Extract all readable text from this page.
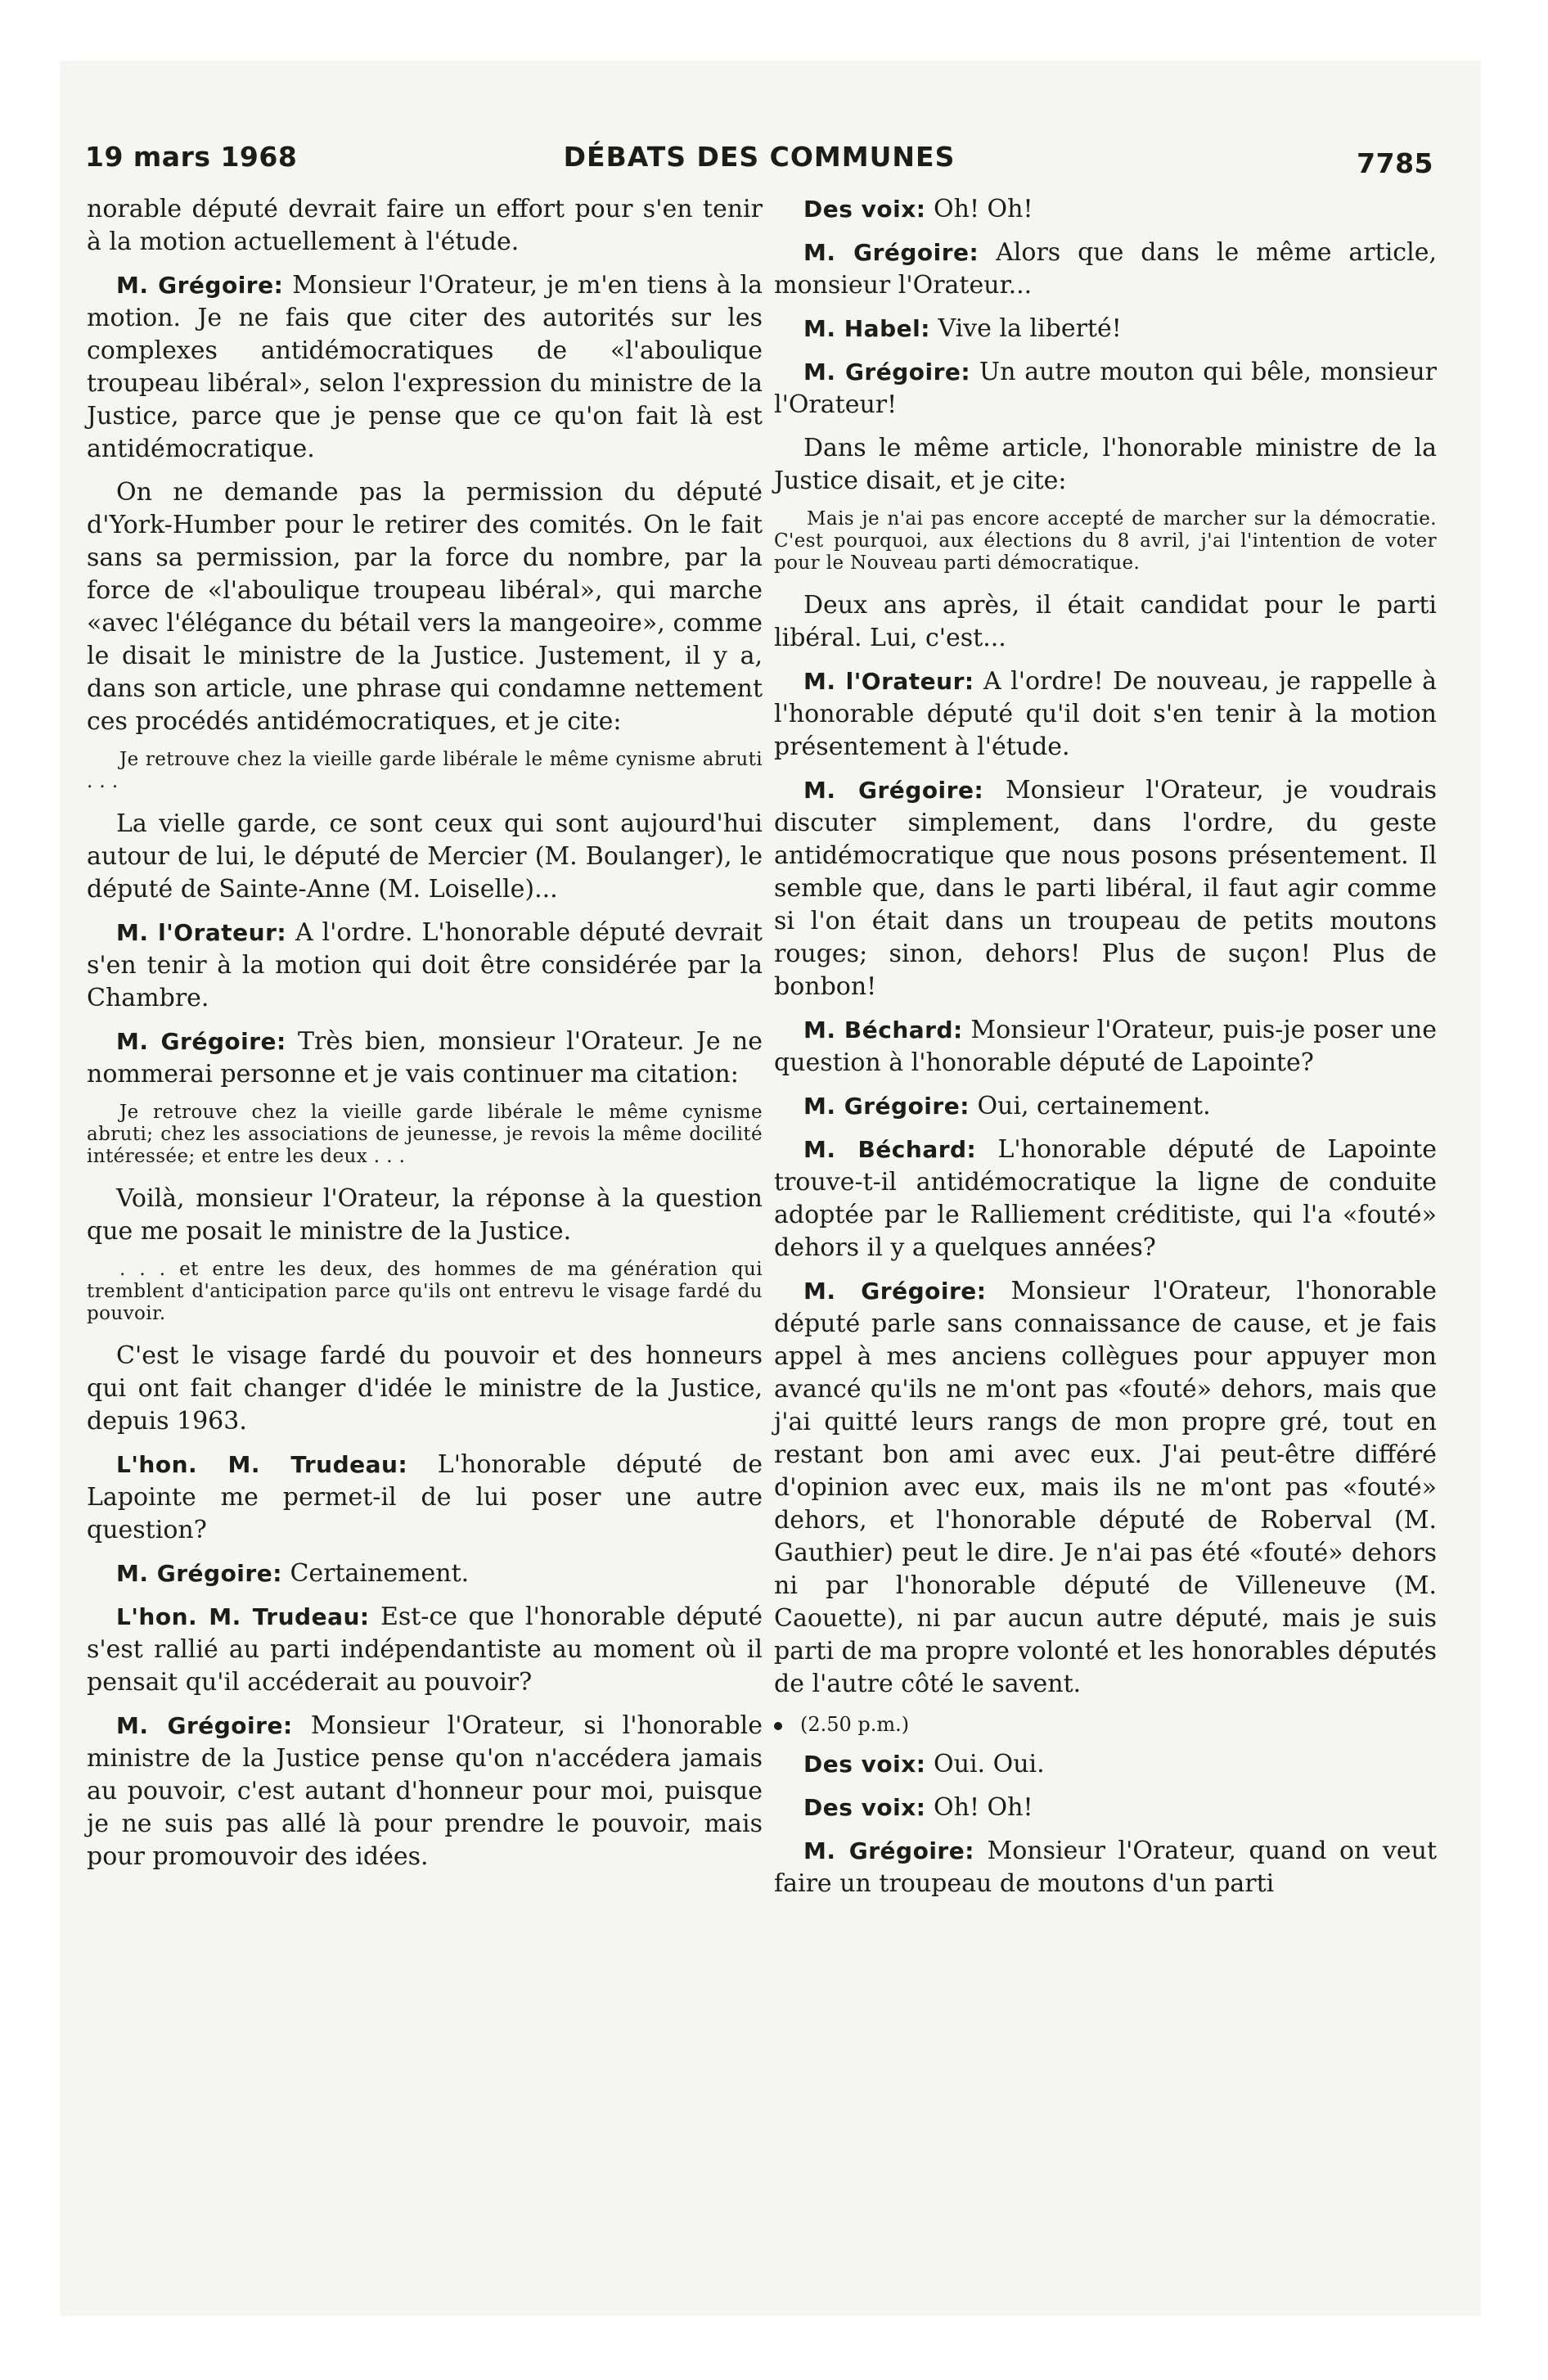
19 mars 1968	DÉBATS DES COMMUNES	7785

norable député devrait faire un effort pour s'en tenir à la motion actuellement à l'étude.

M. Grégoire: Monsieur l'Orateur, je m'en tiens à la motion. Je ne fais que citer des autorités sur les complexes antidémocratiques de «l'aboulique troupeau libéral», selon l'expression du ministre de la Justice, parce que je pense que ce qu'on fait là est antidémocratique.

On ne demande pas la permission du député d'York-Humber pour le retirer des comités. On le fait sans sa permission, par la force du nombre, par la force de «l'aboulique troupeau libéral», qui marche «avec l'élégance du bétail vers la mangeoire», comme le disait le ministre de la Justice. Justement, il y a, dans son article, une phrase qui condamne nettement ces procédés antidémocratiques, et je cite:

Je retrouve chez la vieille garde libérale le même cynisme abruti . . .

La vielle garde, ce sont ceux qui sont aujourd'hui autour de lui, le député de Mercier (M. Boulanger), le député de Sainte-Anne (M. Loiselle)...

M. l'Orateur: A l'ordre. L'honorable député devrait s'en tenir à la motion qui doit être considérée par la Chambre.

M. Grégoire: Très bien, monsieur l'Orateur. Je ne nommerai personne et je vais continuer ma citation:

Je retrouve chez la vieille garde libérale le même cynisme abruti; chez les associations de jeunesse, je revois la même docilité intéressée; et entre les deux . . .

Voilà, monsieur l'Orateur, la réponse à la question que me posait le ministre de la Justice.

. . . et entre les deux, des hommes de ma génération qui tremblent d'anticipation parce qu'ils ont entrevu le visage fardé du pouvoir.

C'est le visage fardé du pouvoir et des honneurs qui ont fait changer d'idée le ministre de la Justice, depuis 1963.

L'hon. M. Trudeau: L'honorable député de Lapointe me permet-il de lui poser une autre question?

M. Grégoire: Certainement.

L'hon. M. Trudeau: Est-ce que l'honorable député s'est rallié au parti indépendantiste au moment où il pensait qu'il accéderait au pouvoir?

M. Grégoire: Monsieur l'Orateur, si l'honorable ministre de la Justice pense qu'on n'accédera jamais au pouvoir, c'est autant d'honneur pour moi, puisque je ne suis pas allé là pour prendre le pouvoir, mais pour promouvoir des idées.

Des voix: Oh! Oh!

M. Grégoire: Alors que dans le même article, monsieur l'Orateur...

M. Habel: Vive la liberté!

M. Grégoire: Un autre mouton qui bêle, monsieur l'Orateur!

Dans le même article, l'honorable ministre de la Justice disait, et je cite:

Mais je n'ai pas encore accepté de marcher sur la démocratie. C'est pourquoi, aux élections du 8 avril, j'ai l'intention de voter pour le Nouveau parti démocratique.

Deux ans après, il était candidat pour le parti libéral. Lui, c'est...

M. l'Orateur: A l'ordre! De nouveau, je rappelle à l'honorable député qu'il doit s'en tenir à la motion présentement à l'étude.

M. Grégoire: Monsieur l'Orateur, je voudrais discuter simplement, dans l'ordre, du geste antidémocratique que nous posons présentement. Il semble que, dans le parti libéral, il faut agir comme si l'on était dans un troupeau de petits moutons rouges; sinon, dehors! Plus de suçon! Plus de bonbon!

M. Béchard: Monsieur l'Orateur, puis-je poser une question à l'honorable député de Lapointe?

M. Grégoire: Oui, certainement.

M. Béchard: L'honorable député de Lapointe trouve-t-il antidémocratique la ligne de conduite adoptée par le Ralliement créditiste, qui l'a «fouté» dehors il y a quelques années?

M. Grégoire: Monsieur l'Orateur, l'honorable député parle sans connaissance de cause, et je fais appel à mes anciens collègues pour appuyer mon avancé qu'ils ne m'ont pas «fouté» dehors, mais que j'ai quitté leurs rangs de mon propre gré, tout en restant bon ami avec eux. J'ai peut-être différé d'opinion avec eux, mais ils ne m'ont pas «fouté» dehors, et l'honorable député de Roberval (M. Gauthier) peut le dire. Je n'ai pas été «fouté» dehors ni par l'honorable député de Villeneuve (M. Caouette), ni par aucun autre député, mais je suis parti de ma propre volonté et les honorables députés de l'autre côté le savent.

(2.50 p.m.)

Des voix: Oui. Oui.

Des voix: Oh! Oh!

M. Grégoire: Monsieur l'Orateur, quand on veut faire un troupeau de moutons d'un parti
